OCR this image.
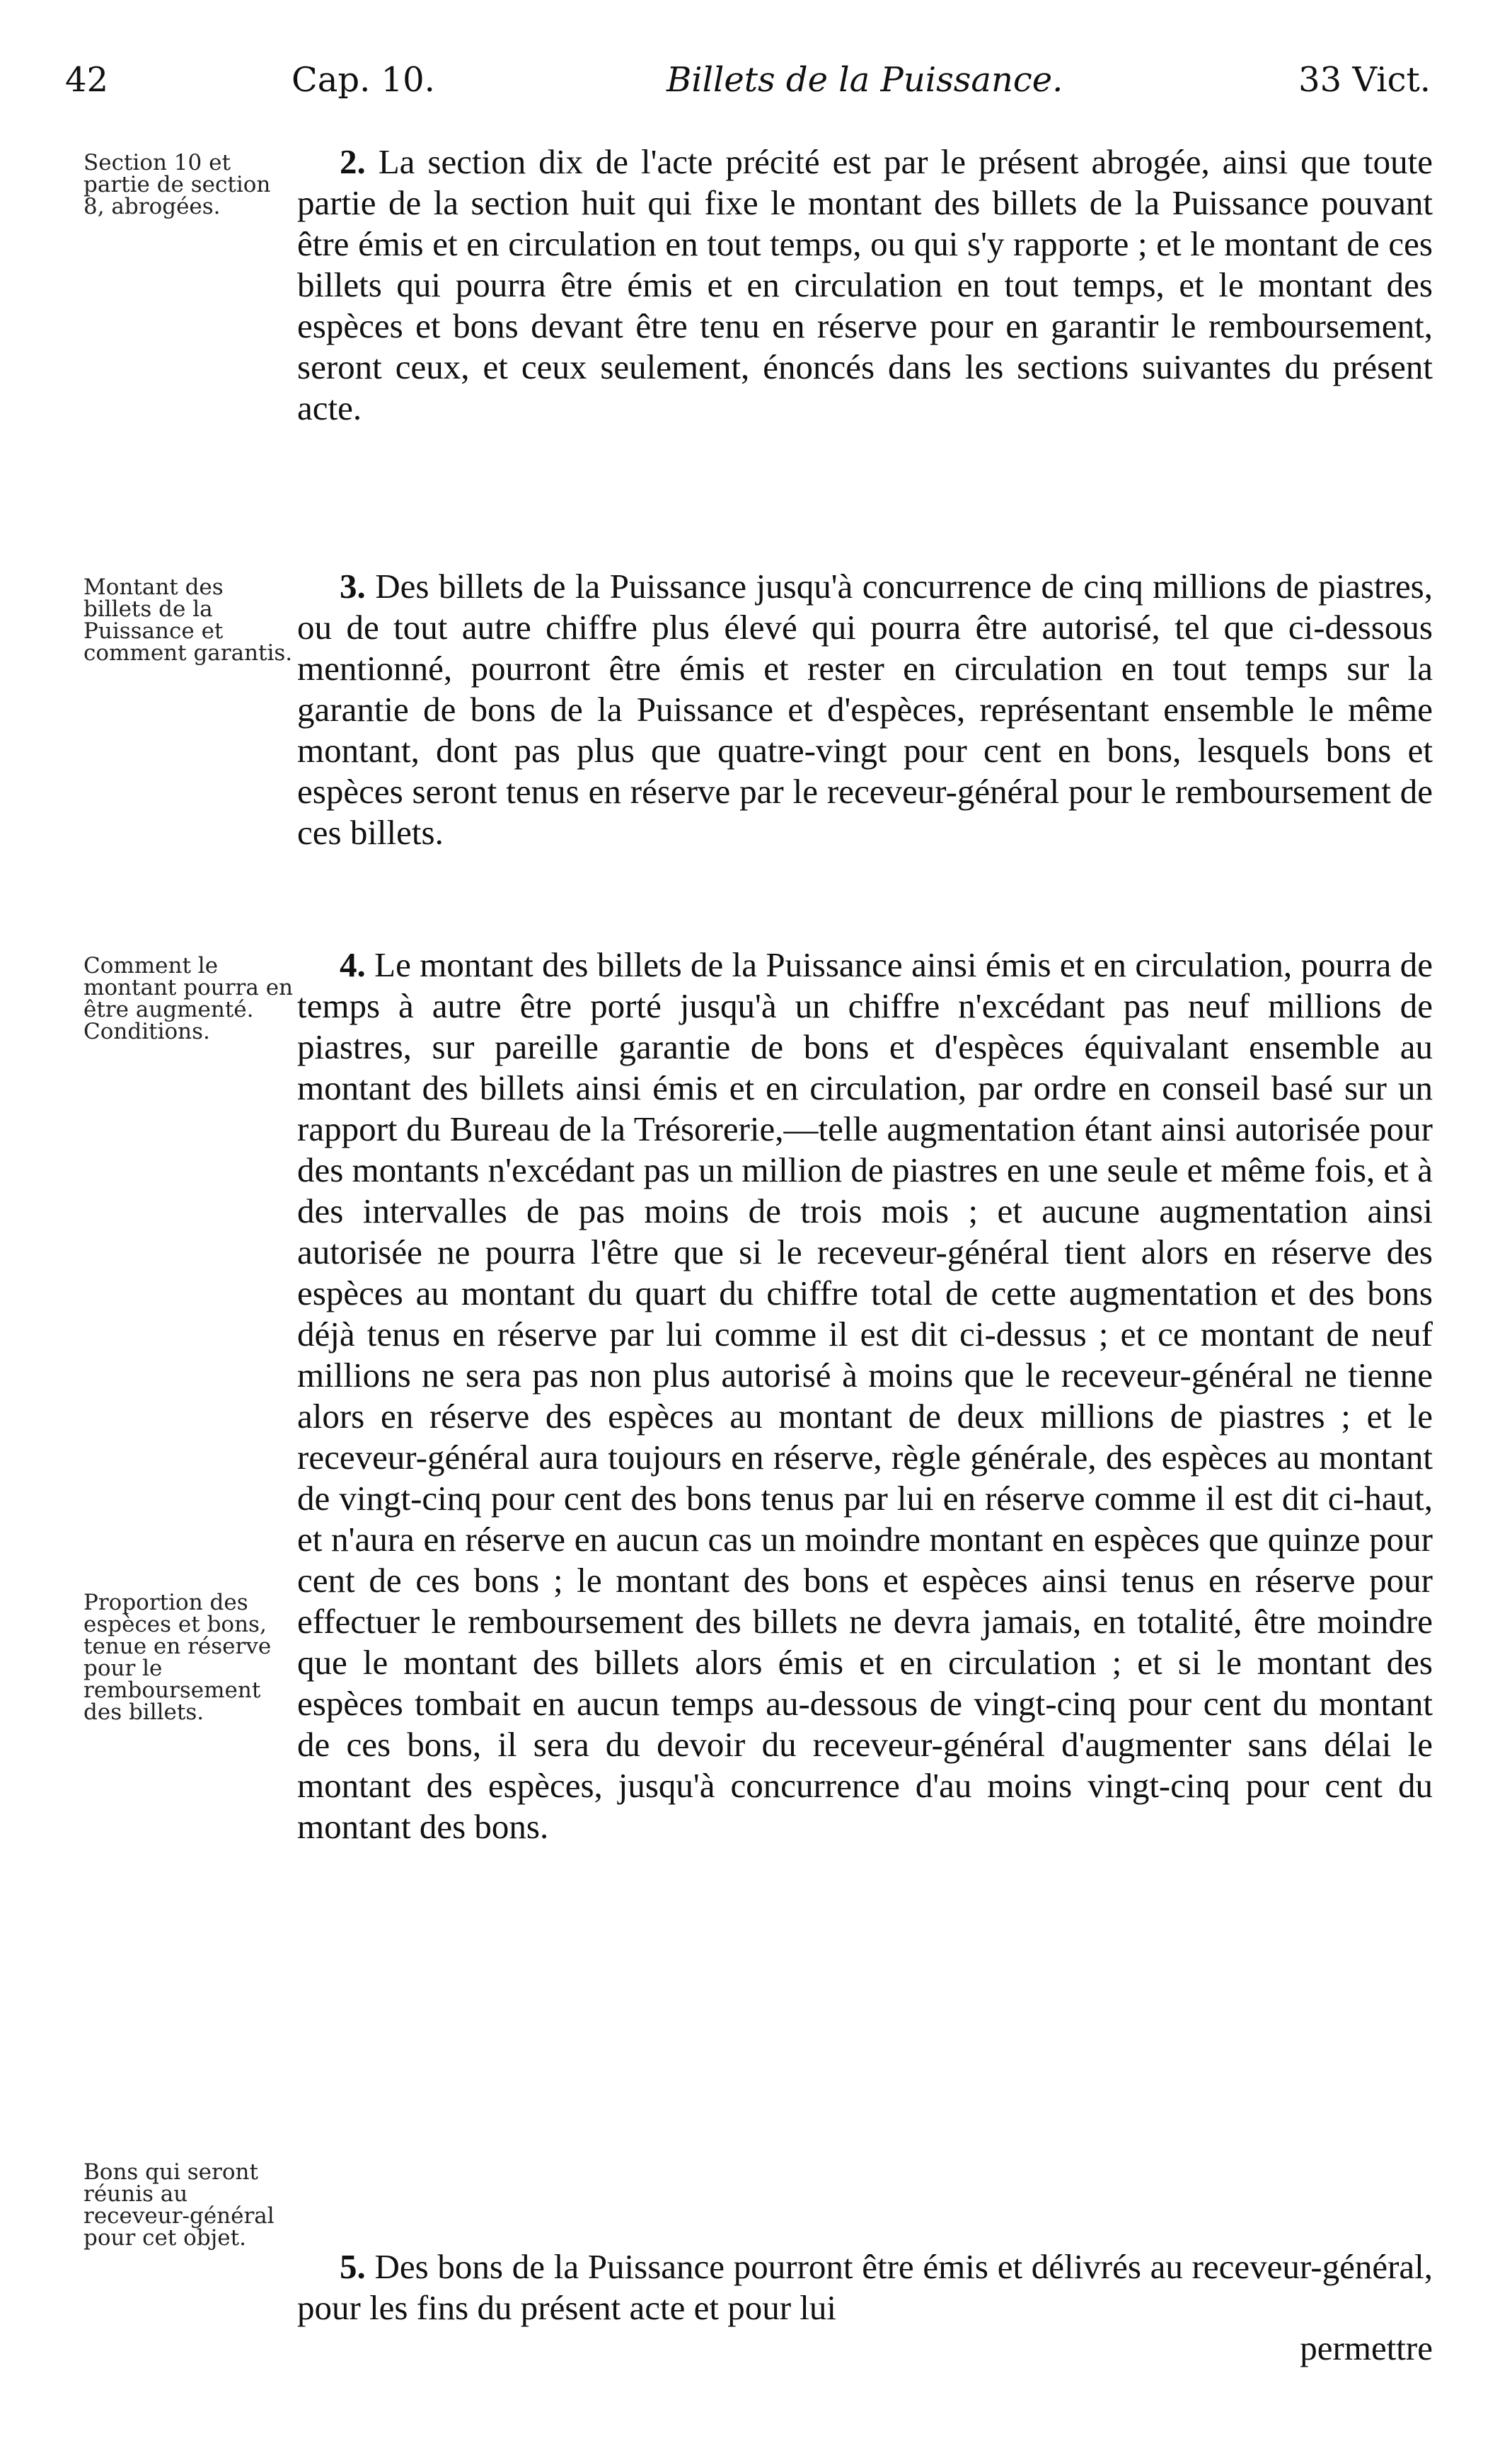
42	Cap. 10.	Billets de la Puissance.	33 Vict.
Section 10 et partie de section 8, abrogées.
Montant des billets de la Puissance et comment garantis.
Comment le montant pourra en être augmenté. Conditions.
Proportion des espèces et bons, tenue en réserve pour le remboursement des billets.
Bons qui seront réunis au receveur-général pour cet objet.
2. La section dix de l'acte précité est par le présent abrogée, ainsi que toute partie de la section huit qui fixe le montant des billets de la Puissance pouvant être émis et en circulation en tout temps, ou qui s'y rapporte ; et le montant de ces billets qui pourra être émis et en circulation en tout temps, et le montant des espèces et bons devant être tenu en réserve pour en garantir le remboursement, seront ceux, et ceux seulement, énoncés dans les sections suivantes du présent acte.
3. Des billets de la Puissance jusqu'à concurrence de cinq millions de piastres, ou de tout autre chiffre plus élevé qui pourra être autorisé, tel que ci-dessous mentionné, pourront être émis et rester en circulation en tout temps sur la garantie de bons de la Puissance et d'espèces, représentant ensemble le même montant, dont pas plus que quatre-vingt pour cent en bons, lesquels bons et espèces seront tenus en réserve par le receveur-général pour le remboursement de ces billets.
4. Le montant des billets de la Puissance ainsi émis et en circulation, pourra de temps à autre être porté jusqu'à un chiffre n'excédant pas neuf millions de piastres, sur pareille garantie de bons et d'espèces équivalant ensemble au montant des billets ainsi émis et en circulation, par ordre en conseil basé sur un rapport du Bureau de la Trésorerie,—telle augmentation étant ainsi autorisée pour des montants n'excédant pas un million de piastres en une seule et même fois, et à des intervalles de pas moins de trois mois ; et aucune augmentation ainsi autorisée ne pourra l'être que si le receveur-général tient alors en réserve des espèces au montant du quart du chiffre total de cette augmentation et des bons déjà tenus en réserve par lui comme il est dit ci-dessus ; et ce montant de neuf millions ne sera pas non plus autorisé à moins que le receveur-général ne tienne alors en réserve des espèces au montant de deux millions de piastres ; et le receveur-général aura toujours en réserve, règle générale, des espèces au montant de vingt-cinq pour cent des bons tenus par lui en réserve comme il est dit ci-haut, et n'aura en réserve en aucun cas un moindre montant en espèces que quinze pour cent de ces bons ; le montant des bons et espèces ainsi tenus en réserve pour effectuer le remboursement des billets ne devra jamais, en totalité, être moindre que le montant des billets alors émis et en circulation ; et si le montant des espèces tombait en aucun temps au-dessous de vingt-cinq pour cent du montant de ces bons, il sera du devoir du receveur-général d'augmenter sans délai le montant des espèces, jusqu'à concurrence d'au moins vingt-cinq pour cent du montant des bons.
5. Des bons de la Puissance pourront être émis et délivrés au receveur-général, pour les fins du présent acte et pour lui
permettre
